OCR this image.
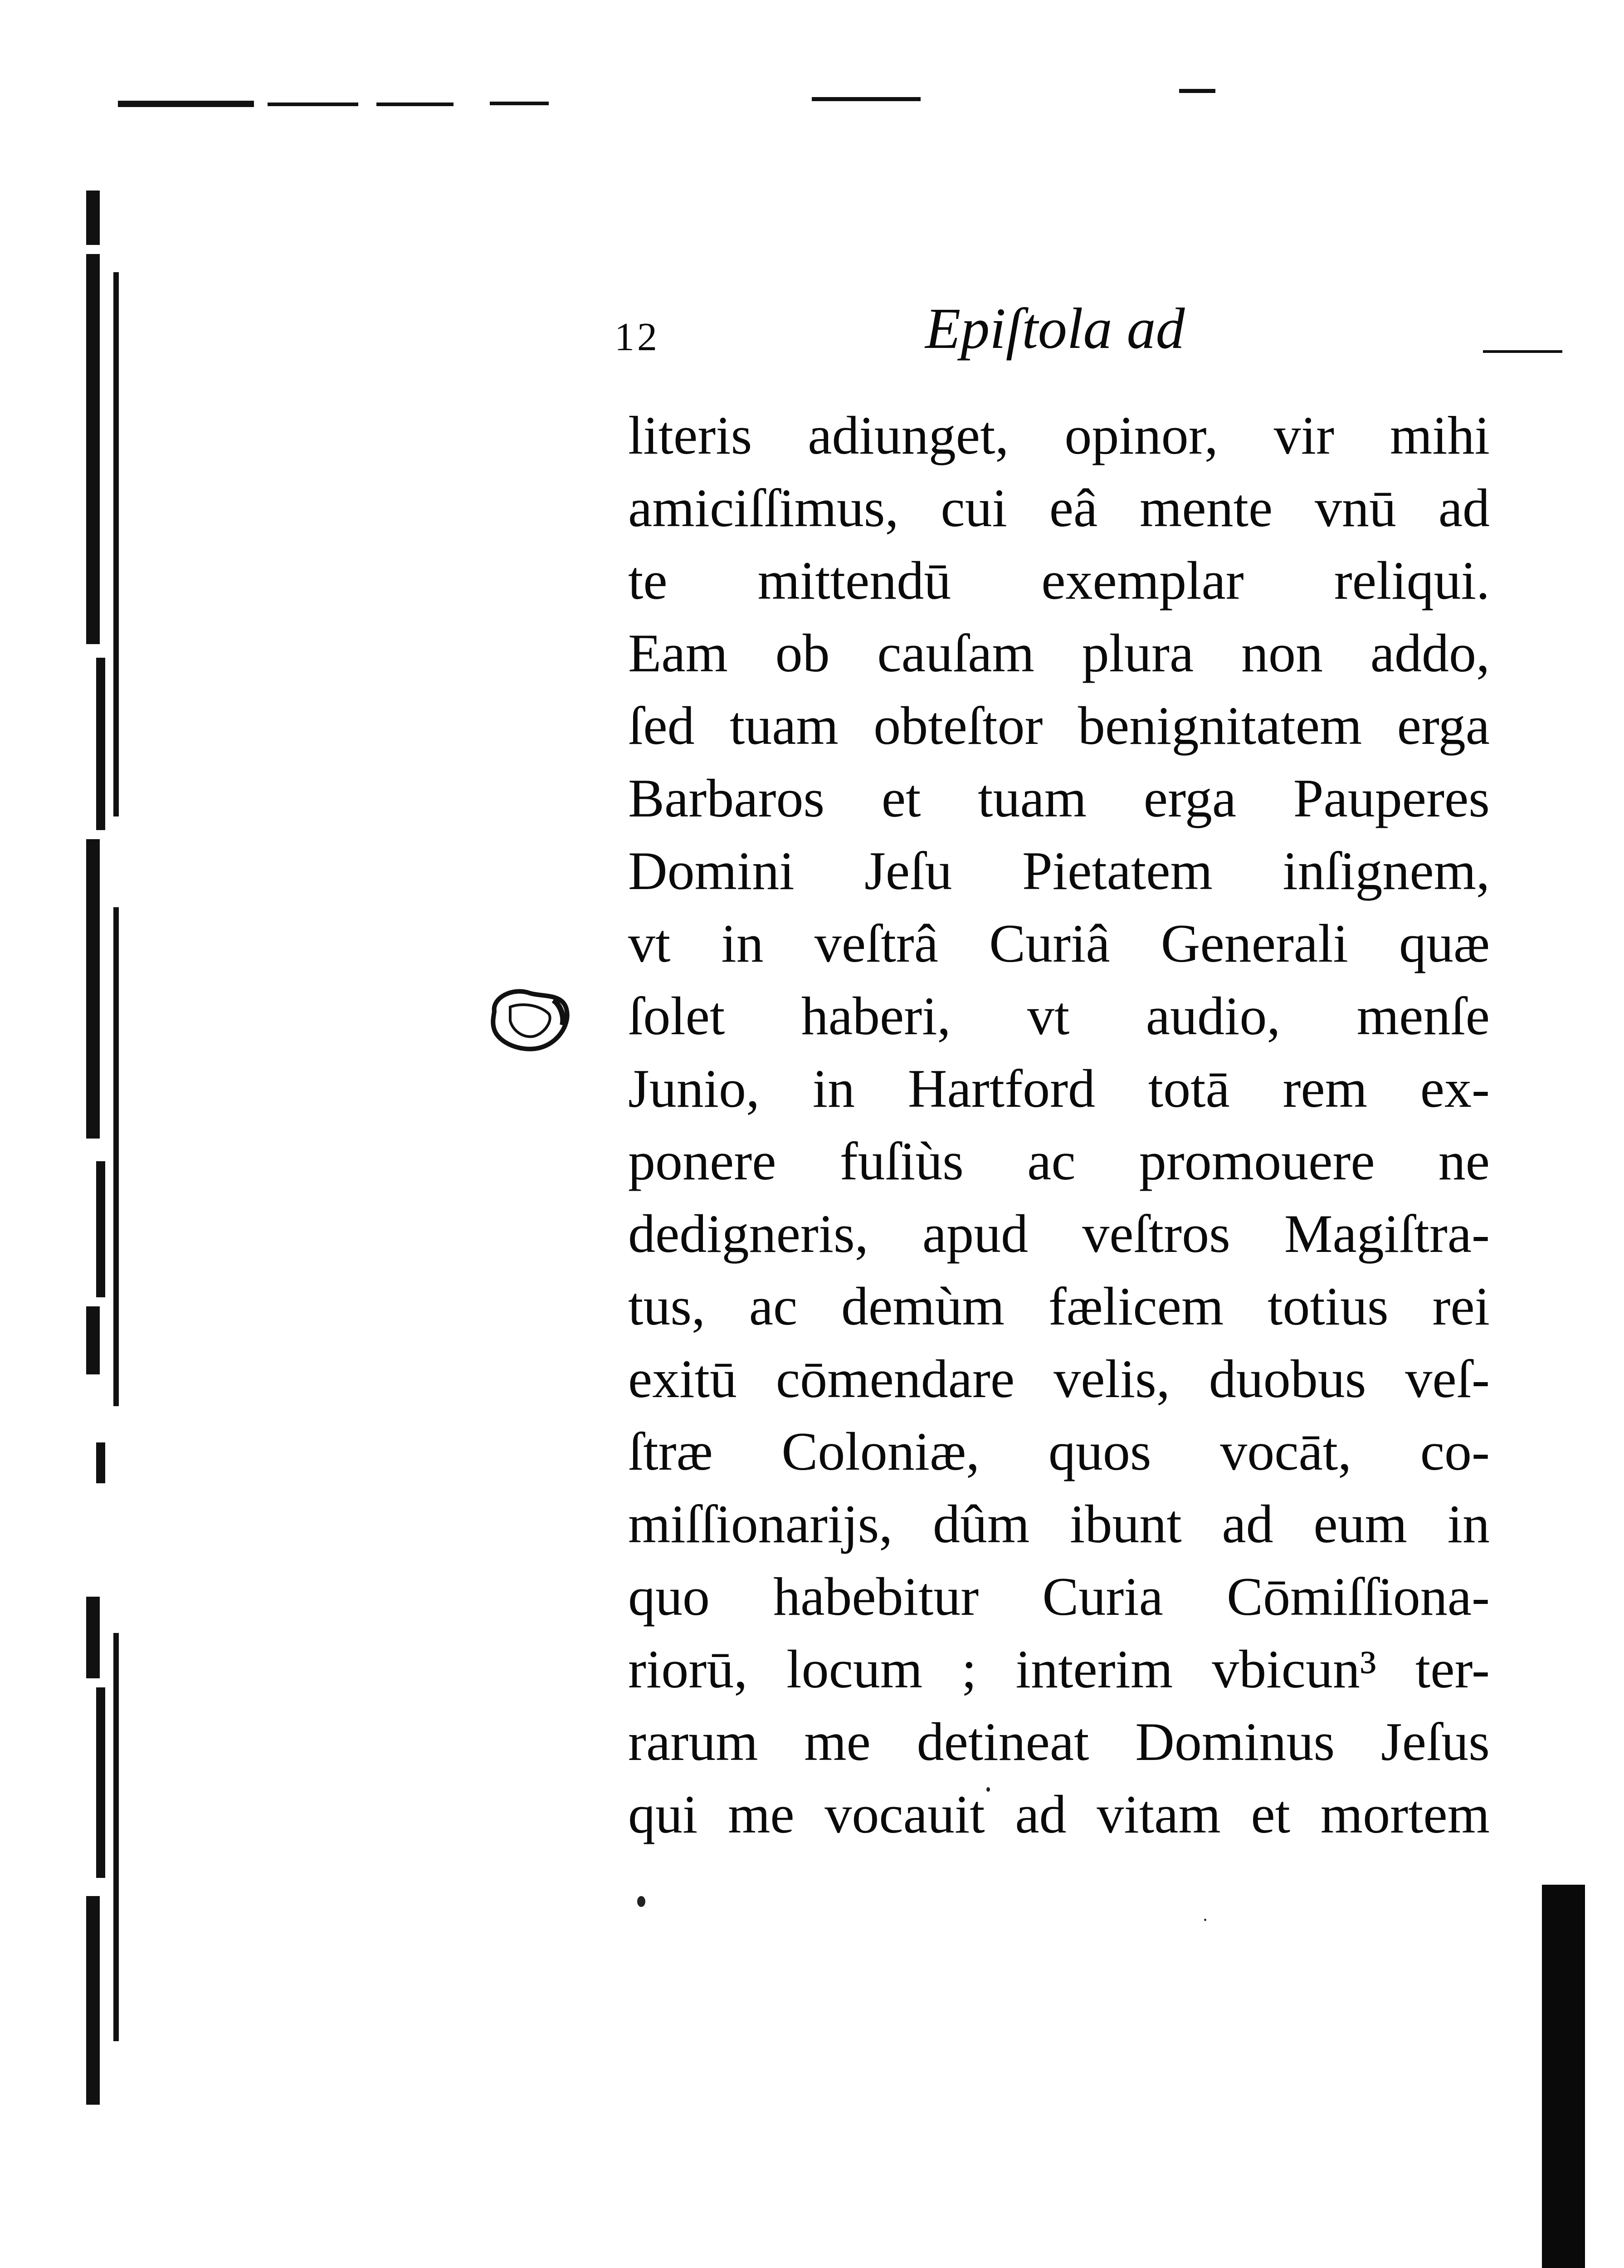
12	Epiſtola ad
literis adiunget, opinor, vir mihi
amiciſſimus, cui eâ mente vnū ad
te mittendū exemplar reliqui.
Eam ob cauſam plura non addo,
ſed tuam obteſtor benignitatem erga
Barbaros et tuam erga Pauperes
Domini Jeſu Pietatem inſignem,
vt in veſtrâ Curiâ Generali quæ
ſolet haberi, vt audio, menſe
Junio, in Hartford totā rem ex-
ponere fuſiùs ac promouere ne
dedigneris, apud veſtros Magiſtra-
tus, ac demùm fælicem totius rei
exitū cōmendare velis, duobus veſ-
ſtræ Coloniæ, quos vocāt, co-
miſſionarijs, dûm ibunt ad eum in
quo habebitur Curia Cōmiſſiona-
riorū, locum ; interim vbicun³ ter-
rarum me detineat Dominus Jeſus
qui me vocauit ad vitam et mortem
